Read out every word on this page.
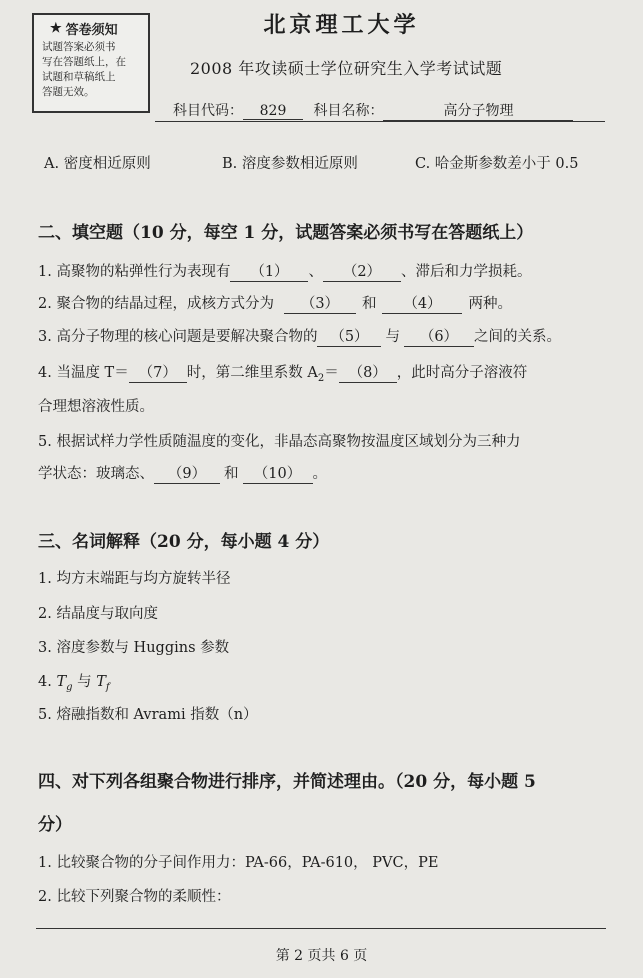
★ 答卷须知
试题答案必须书
写在答题纸上，在
试题和草稿纸上
答题无效。
北京理工大学
2008 年攻读硕士学位研究生入学考试试题
科目代码： 829 科目名称：	高分子物理
A. 密度相近原则	B. 溶度参数相近原则	C. 哈金斯参数差小于 0.5
二、填空题（10 分，每空 1 分，试题答案必须书写在答题纸上）
1. 高聚物的粘弹性行为表现有 （1） 、 （2） 、滞后和力学损耗。
2. 聚合物的结晶过程，成核方式分为 （3） 和 （4） 两种。
3. 高分子物理的核心问题是要解决聚合物的 （5） 与 （6） 之间的关系。
4. 当温度 T＝ （7） 时，第二维里系数 $A_2= (8)$ ，此时高分子溶液符
合理想溶液性质。
5. 根据试样力学性质随温度的变化，非晶态高聚物按温度区域划分为三种力
学状态：玻璃态、 （9） 和 （10） 。
三、名词解释（20 分，每小题 4 分）
1. 均方末端距与均方旋转半径
2. 结晶度与取向度
3. 溶度参数与 Huggins 参数
4. $T_g$ 与 $T_f$
5. 熔融指数和 Avrami 指数（n）
四、对下列各组聚合物进行排序，并简述理由。（20 分，每小题 5
分）
1. 比较聚合物的分子间作用力：PA-66，PA-610， PVC，PE
2. 比较下列聚合物的柔顺性：
第 2 页共 6 页
